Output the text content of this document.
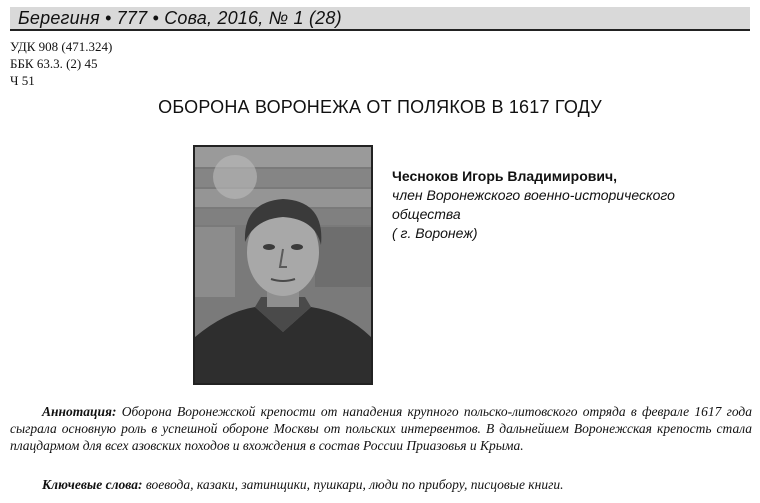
Берегиня • 777 • Сова, 2016, № 1 (28)
УДК 908 (471.324)
ББК 63.3. (2) 45
Ч 51
ОБОРОНА ВОРОНЕЖА ОТ ПОЛЯКОВ В 1617 ГОДУ
Чесноков Игорь Владимирович,
член Воронежского военно-исторического
общества
( г. Воронеж)
Аннотация: Оборона Воронежской крепости от нападения крупного польско-литовского отряда в феврале 1617 года сыграла основную роль в успешной обороне Москвы от польских интервентов. В дальнейшем Воронежская крепость стала плацдармом для всех азовских походов и вхождения в состав России Приазовья и Крыма.
Ключевые слова: воевода, казаки, затинщики, пушкари, люди по прибору, писцовые книги.
